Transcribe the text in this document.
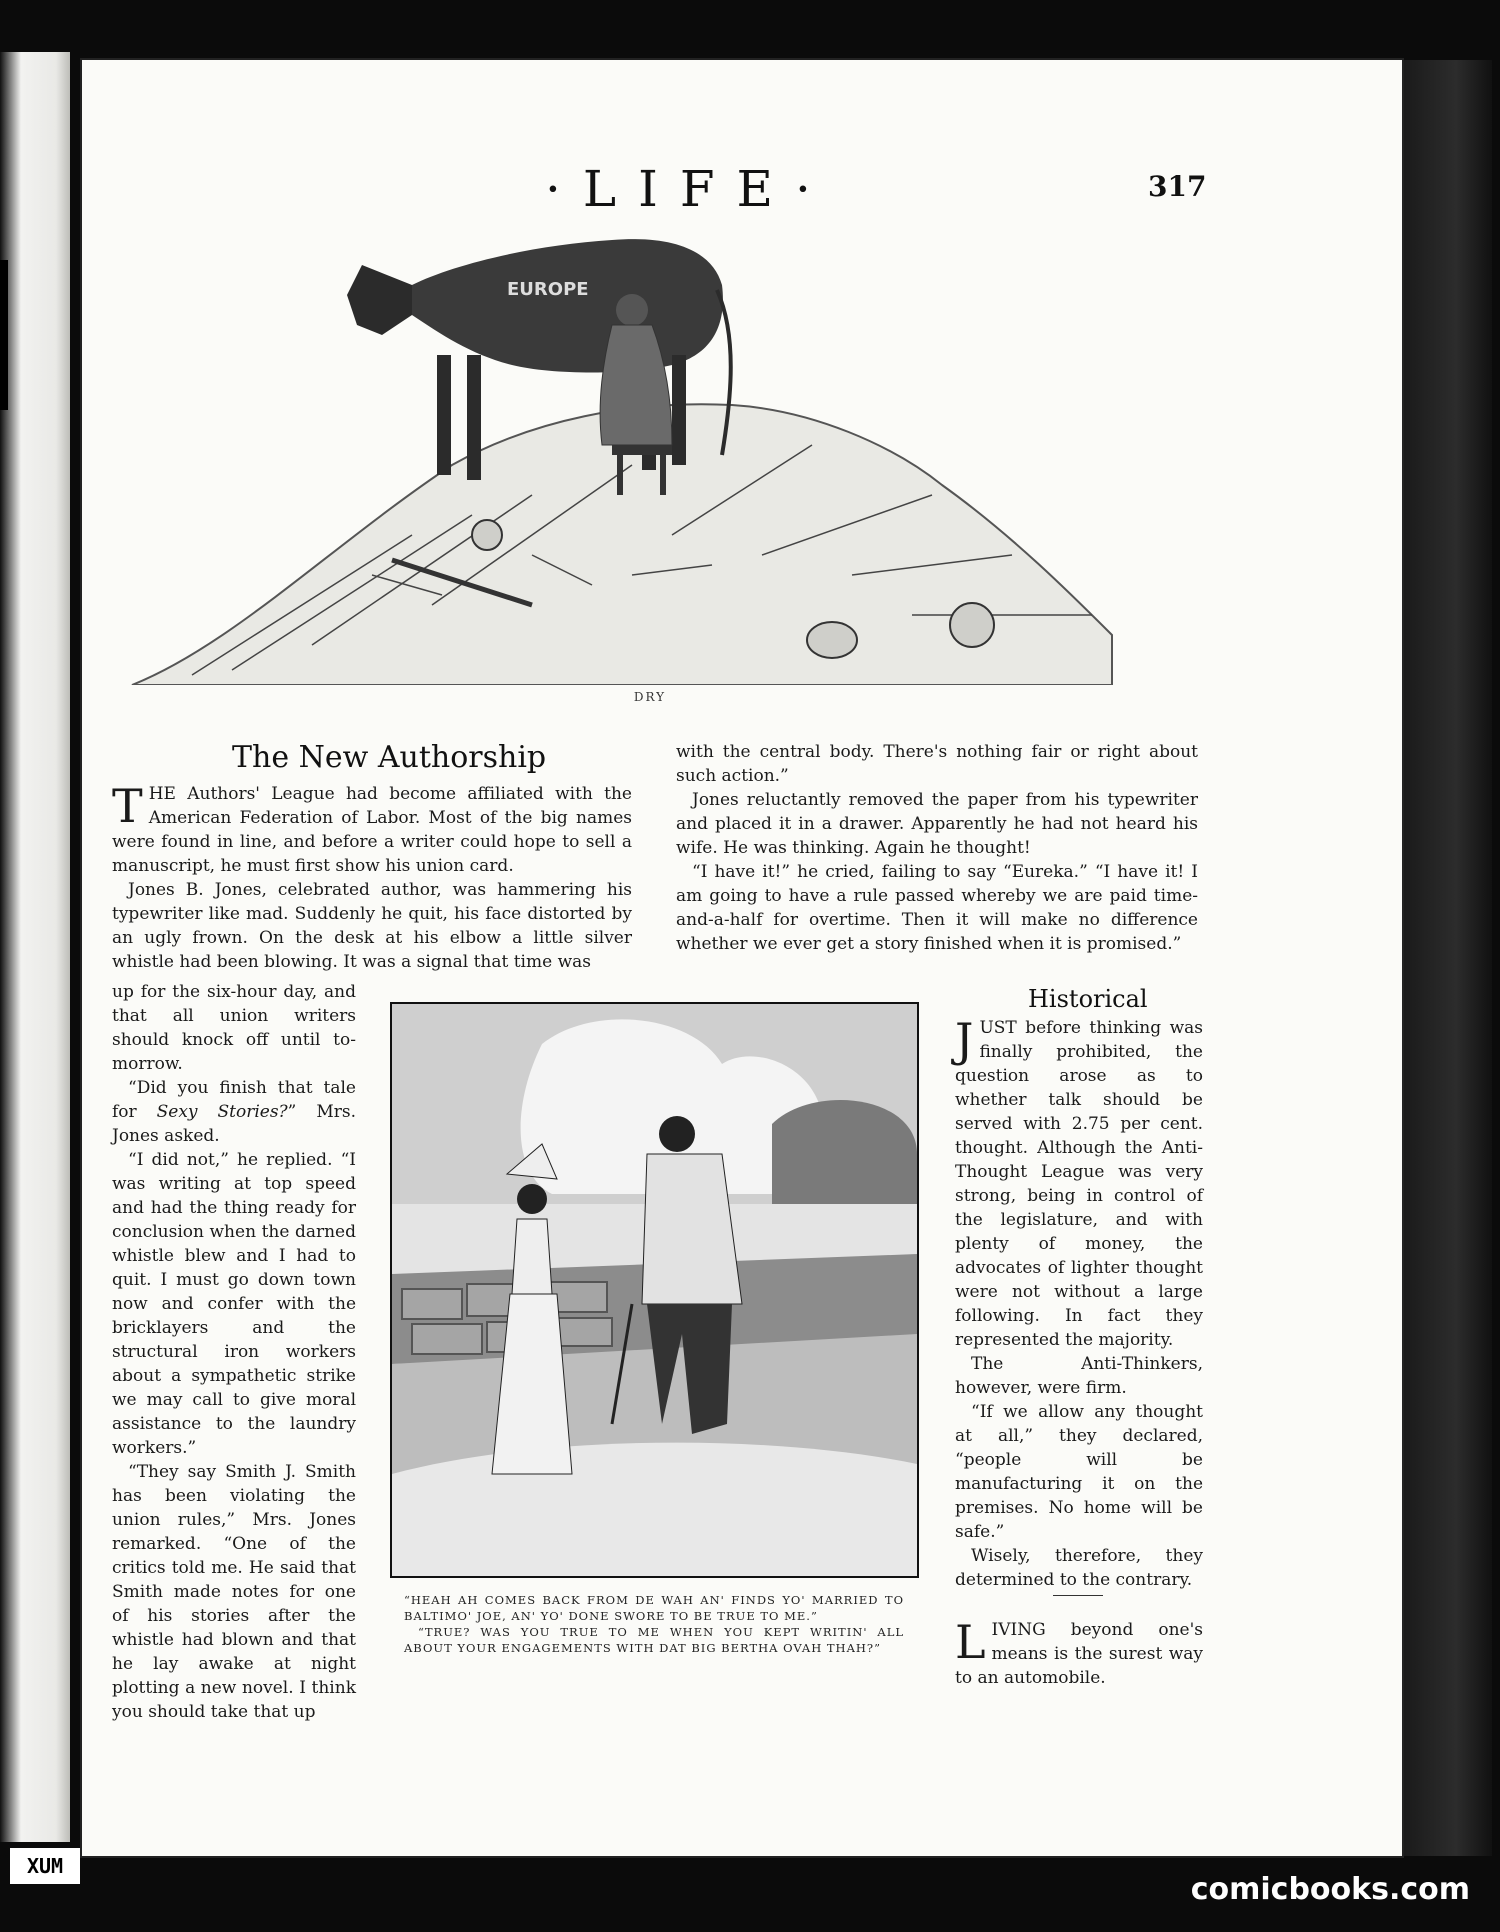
·LIFE·	317
EUROPE
DRY
The New Authorship

THE Authors' League had become affiliated with the American Federation of Labor. Most of the big names were found in line, and before a writer could hope to sell a manuscript, he must first show his union card.

Jones B. Jones, celebrated author, was hammering his typewriter like mad. Suddenly he quit, his face distorted by an ugly frown. On the desk at his elbow a little silver whistle had been blowing. It was a signal that time was

up for the six-hour day, and that all union writers should knock off until to-morrow.

“Did you finish that tale for Sexy Stories?” Mrs. Jones asked.

“I did not,” he replied. “I was writing at top speed and had the thing ready for conclusion when the darned whistle blew and I had to quit. I must go down town now and confer with the bricklayers and the structural iron workers about a sympathetic strike we may call to give moral assistance to the laundry workers.”

“They say Smith J. Smith has been violating the union rules,” Mrs. Jones remarked. “One of the critics told me. He said that Smith made notes for one of his stories after the whistle had blown and that he lay awake at night plotting a new novel. I think you should take that up

with the central body. There's nothing fair or right about such action.”

Jones reluctantly removed the paper from his typewriter and placed it in a drawer. Apparently he had not heard his wife. He was thinking. Again he thought!

“I have it!” he cried, failing to say “Eureka.” “I have it! I am going to have a rule passed whereby we are paid time-and-a-half for overtime. Then it will make no difference whether we ever get a story finished when it is promised.”

“HEAH AH COMES BACK FROM DE WAH AN' FINDS YO' MARRIED TO BALTIMO' JOE, AN' YO' DONE SWORE TO BE TRUE TO ME.”
“TRUE? WAS YOU TRUE TO ME WHEN YOU KEPT WRITIN' ALL ABOUT YOUR ENGAGEMENTS WITH DAT BIG BERTHA OVAH THAH?”
Historical

JUST before thinking was finally prohibited, the question arose as to whether talk should be served with 2.75 per cent. thought. Although the Anti-Thought League was very strong, being in control of the legislature, and with plenty of money, the advocates of lighter thought were not without a large following. In fact they represented the majority.

The Anti-Thinkers, however, were firm.

“If we allow any thought at all,” they declared, “people will be manufacturing it on the premises. No home will be safe.”

Wisely, therefore, they determined to the contrary.

LIVING beyond one's means is the surest way to an automobile.

XUM
comicbooks.com
